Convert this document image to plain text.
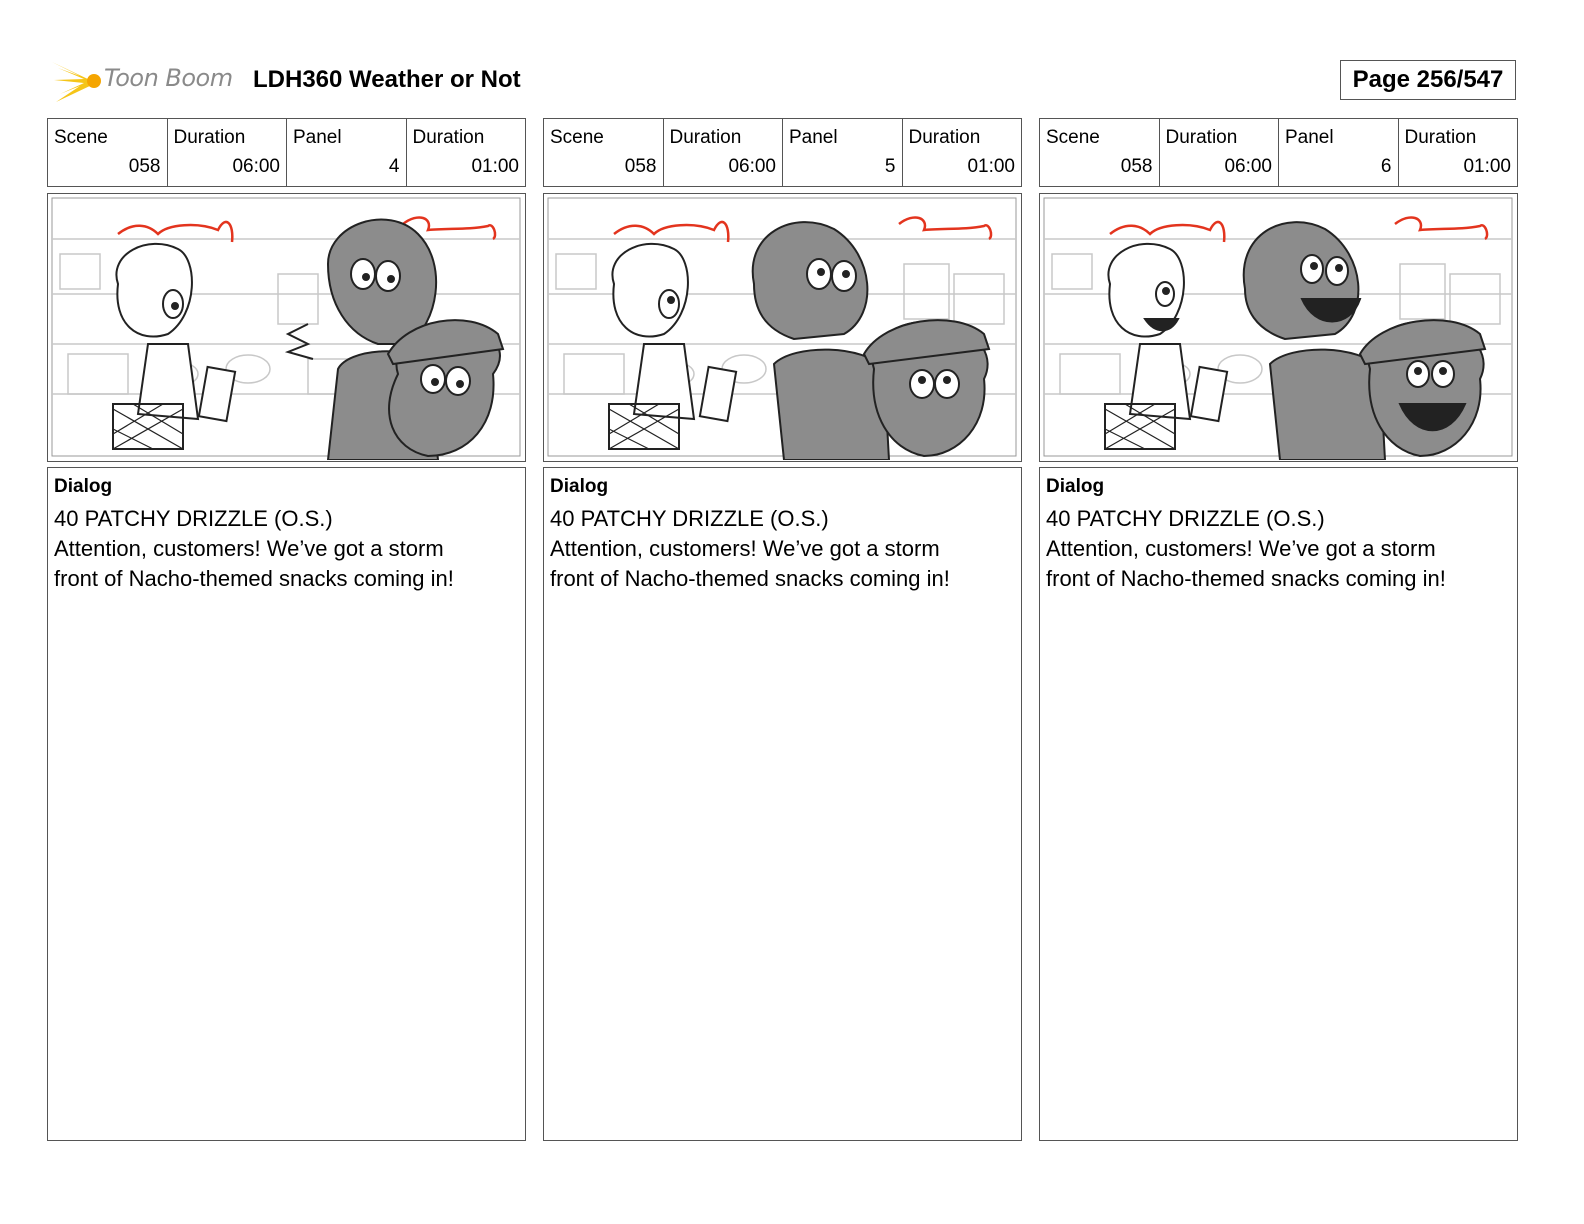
Toon Boom LDH360 Weather or Not	Page 256/547
Scene
058
Duration
06:00
Panel
4
Duration
01:00
Dialog
40 PATCHY DRIZZLE (O.S.)
Attention, customers! We’ve got a storm
front of Nacho-themed snacks coming in!
Scene
058
Duration
06:00
Panel
5
Duration
01:00
Dialog
40 PATCHY DRIZZLE (O.S.)
Attention, customers! We’ve got a storm
front of Nacho-themed snacks coming in!
Scene
058
Duration
06:00
Panel
6
Duration
01:00
Dialog
40 PATCHY DRIZZLE (O.S.)
Attention, customers! We’ve got a storm
front of Nacho-themed snacks coming in!
